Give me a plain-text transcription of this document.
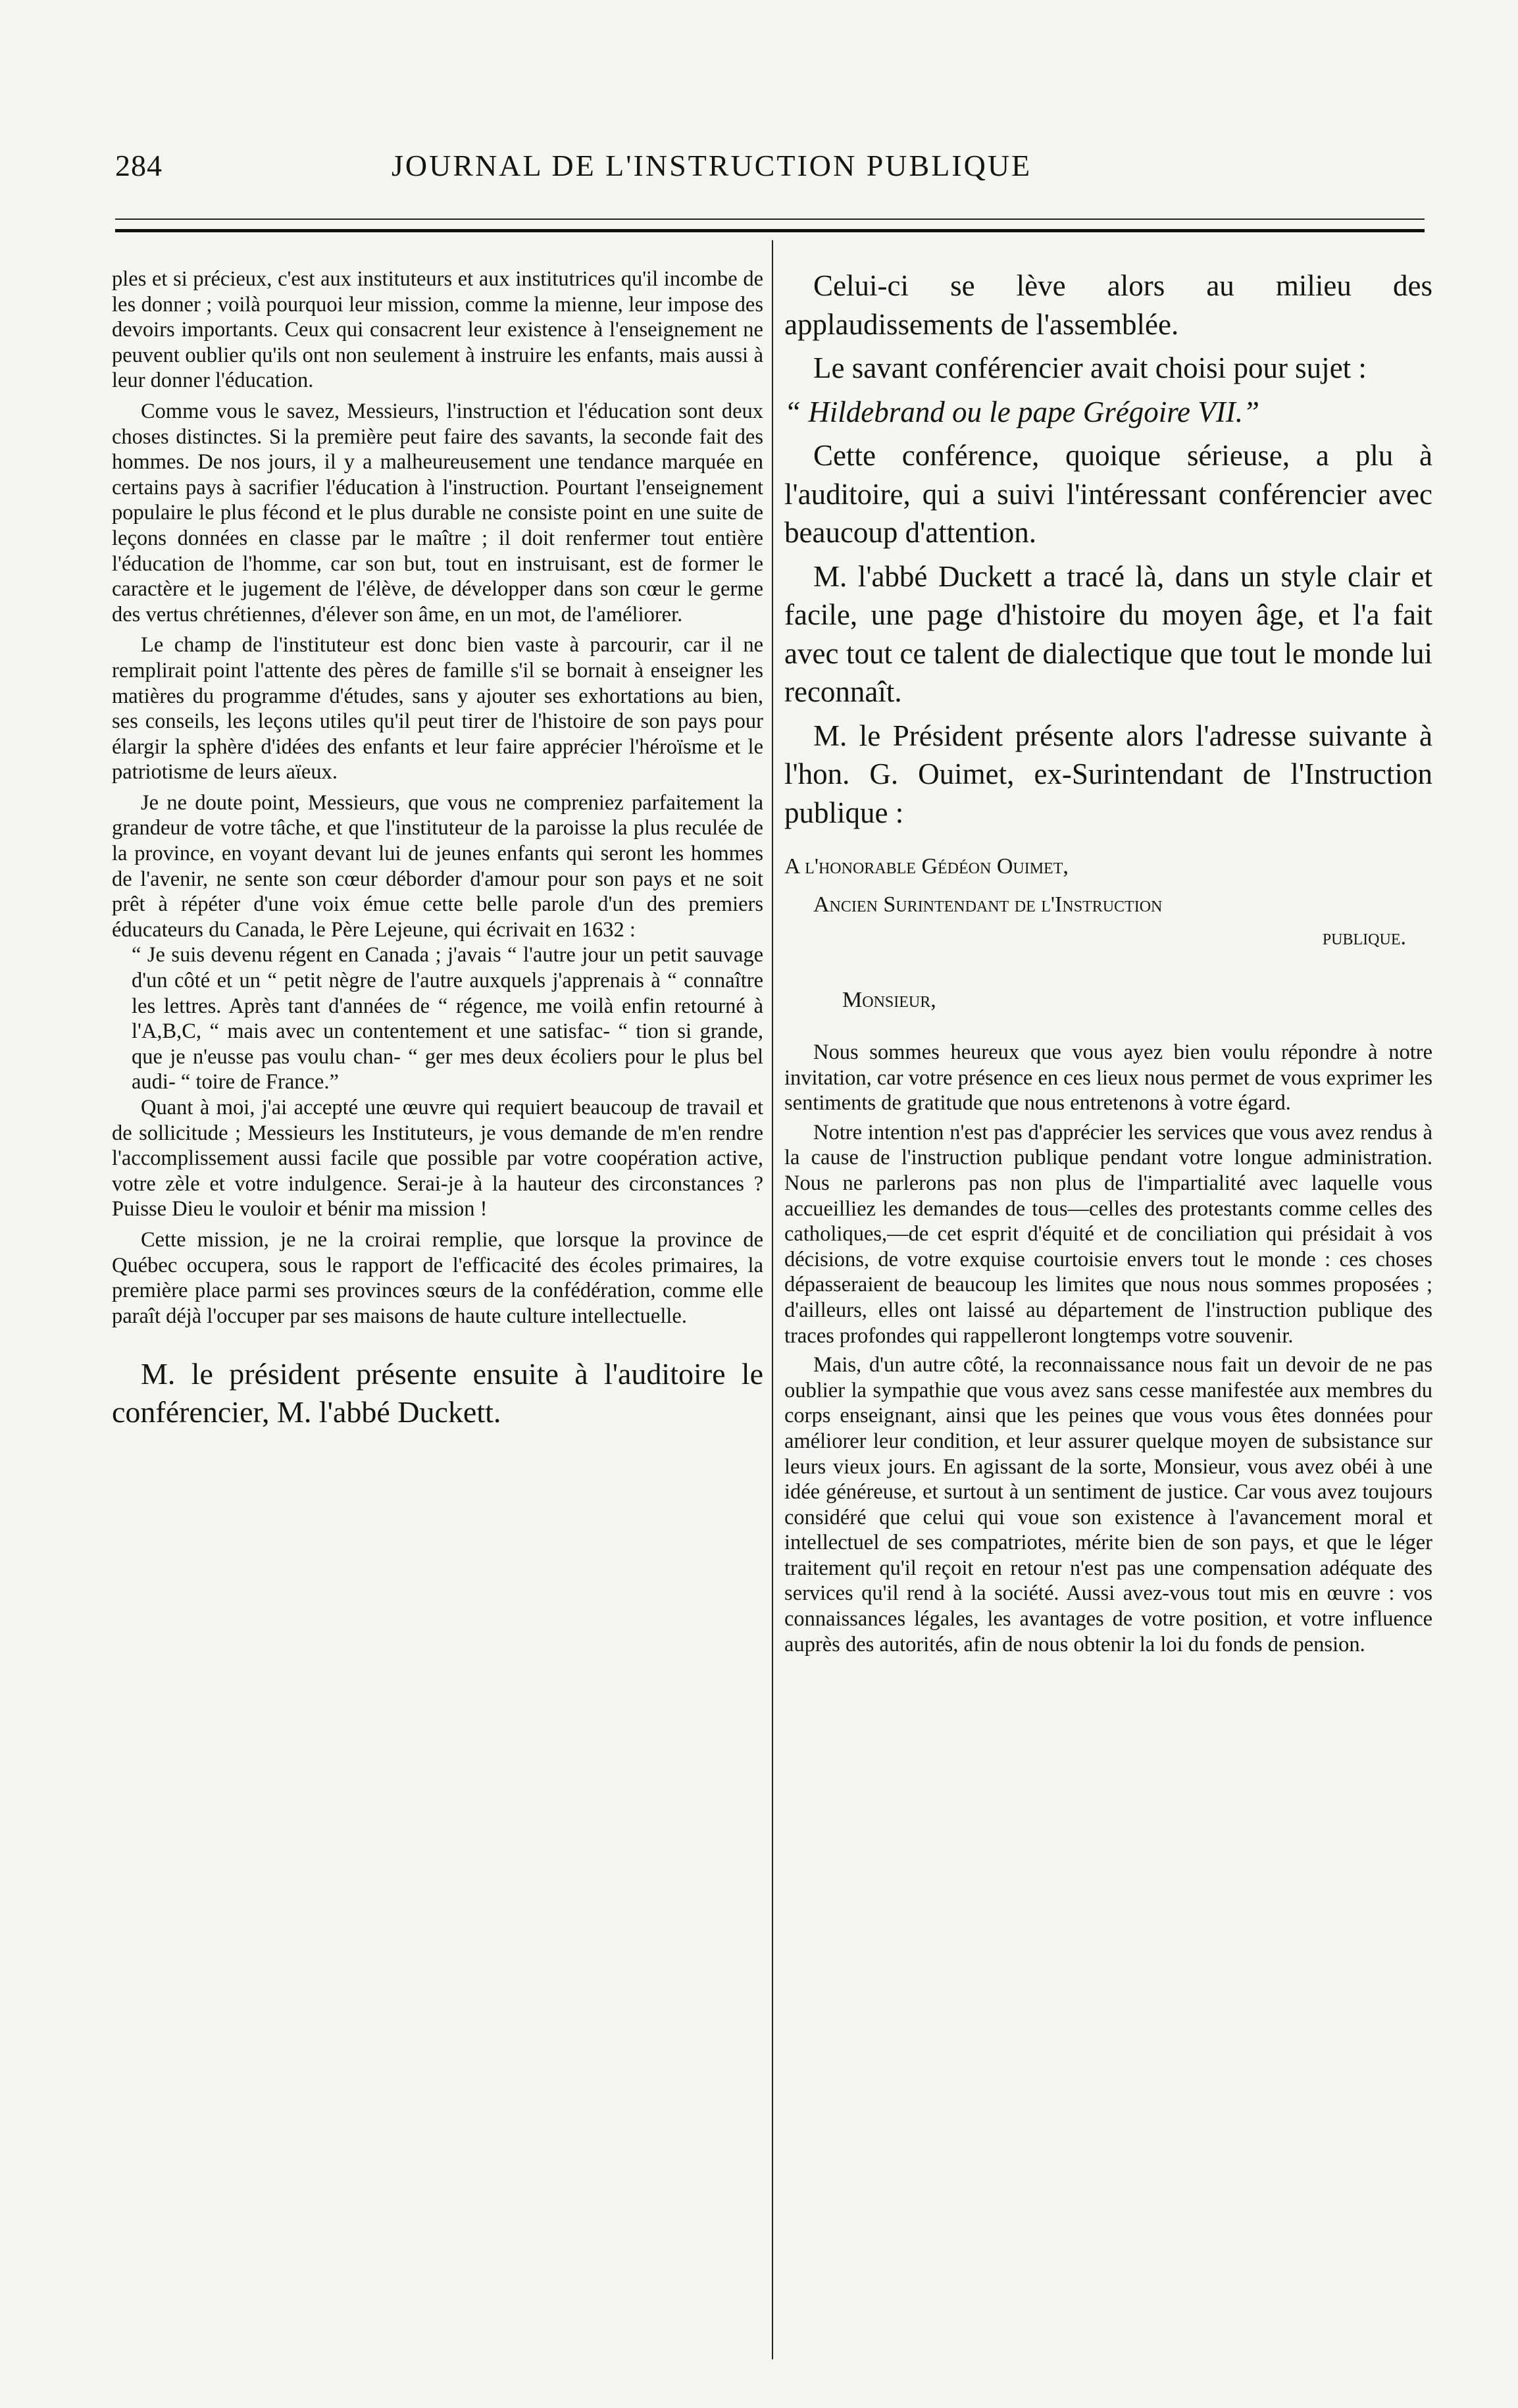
284	JOURNAL DE L'INSTRUCTION PUBLIQUE

ples et si précieux, c'est aux instituteurs et aux institutrices qu'il incombe de les donner ; voilà pourquoi leur mission, comme la mienne, leur impose des devoirs importants. Ceux qui consacrent leur existence à l'enseignement ne peuvent oublier qu'ils ont non seulement à instruire les enfants, mais aussi à leur donner l'éducation.

Comme vous le savez, Messieurs, l'instruction et l'éducation sont deux choses distinctes. Si la première peut faire des savants, la seconde fait des hommes. De nos jours, il y a malheureusement une tendance marquée en certains pays à sacrifier l'éducation à l'instruction. Pourtant l'enseignement populaire le plus fécond et le plus durable ne consiste point en une suite de leçons données en classe par le maître ; il doit renfermer tout entière l'éducation de l'homme, car son but, tout en instruisant, est de former le caractère et le jugement de l'élève, de développer dans son cœur le germe des vertus chrétiennes, d'élever son âme, en un mot, de l'améliorer.

Le champ de l'instituteur est donc bien vaste à parcourir, car il ne remplirait point l'attente des pères de famille s'il se bornait à enseigner les matières du programme d'études, sans y ajouter ses exhortations au bien, ses conseils, les leçons utiles qu'il peut tirer de l'histoire de son pays pour élargir la sphère d'idées des enfants et leur faire apprécier l'héroïsme et le patriotisme de leurs aïeux.

Je ne doute point, Messieurs, que vous ne compreniez parfaitement la grandeur de votre tâche, et que l'instituteur de la paroisse la plus reculée de la province, en voyant devant lui de jeunes enfants qui seront les hommes de l'avenir, ne sente son cœur déborder d'amour pour son pays et ne soit prêt à répéter d'une voix émue cette belle parole d'un des premiers éducateurs du Canada, le Père Lejeune, qui écrivait en 1632 :

“ Je suis devenu régent en Canada ; j'avais “ l'autre jour un petit sauvage d'un côté et un “ petit nègre de l'autre auxquels j'apprenais à “ connaître les lettres. Après tant d'années de “ régence, me voilà enfin retourné à l'A,B,C, “ mais avec un contentement et une satisfac- “ tion si grande, que je n'eusse pas voulu chan- “ ger mes deux écoliers pour le plus bel audi- “ toire de France.”

Quant à moi, j'ai accepté une œuvre qui requiert beaucoup de travail et de sollicitude ; Messieurs les Instituteurs, je vous demande de m'en rendre l'accomplissement aussi facile que possible par votre coopération active, votre zèle et votre indulgence. Serai-je à la hauteur des circonstances ? Puisse Dieu le vouloir et bénir ma mission !

Cette mission, je ne la croirai remplie, que lorsque la province de Québec occupera, sous le rapport de l'efficacité des écoles primaires, la première place parmi ses provinces sœurs de la confédération, comme elle paraît déjà l'occuper par ses maisons de haute culture intellectuelle.

M. le président présente ensuite à l'auditoire le conférencier, M. l'abbé Duckett.

Celui-ci se lève alors au milieu des applaudissements de l'assemblée.

Le savant conférencier avait choisi pour sujet :

“ Hildebrand ou le pape Grégoire VII.”

Cette conférence, quoique sérieuse, a plu à l'auditoire, qui a suivi l'intéressant conférencier avec beaucoup d'attention.

M. l'abbé Duckett a tracé là, dans un style clair et facile, une page d'histoire du moyen âge, et l'a fait avec tout ce talent de dialectique que tout le monde lui reconnaît.

M. le Président présente alors l'adresse suivante à l'hon. G. Ouimet, ex-Surintendant de l'Instruction publique :

A l'honorable Gédéon Ouimet,
Ancien Surintendant de l'Instruction
publique.
Monsieur,

Nous sommes heureux que vous ayez bien voulu répondre à notre invitation, car votre présence en ces lieux nous permet de vous exprimer les sentiments de gratitude que nous entretenons à votre égard.

Notre intention n'est pas d'apprécier les services que vous avez rendus à la cause de l'instruction publique pendant votre longue administration. Nous ne parlerons pas non plus de l'impartialité avec laquelle vous accueilliez les demandes de tous—celles des protestants comme celles des catholiques,—de cet esprit d'équité et de conciliation qui présidait à vos décisions, de votre exquise courtoisie envers tout le monde : ces choses dépasseraient de beaucoup les limites que nous nous sommes proposées ; d'ailleurs, elles ont laissé au département de l'instruction publique des traces profondes qui rappelleront longtemps votre souvenir.

Mais, d'un autre côté, la reconnaissance nous fait un devoir de ne pas oublier la sympathie que vous avez sans cesse manifestée aux membres du corps enseignant, ainsi que les peines que vous vous êtes données pour améliorer leur condition, et leur assurer quelque moyen de subsistance sur leurs vieux jours. En agissant de la sorte, Monsieur, vous avez obéi à une idée généreuse, et surtout à un sentiment de justice. Car vous avez toujours considéré que celui qui voue son existence à l'avancement moral et intellectuel de ses compatriotes, mérite bien de son pays, et que le léger traitement qu'il reçoit en retour n'est pas une compensation adéquate des services qu'il rend à la société. Aussi avez-vous tout mis en œuvre : vos connaissances légales, les avantages de votre position, et votre influence auprès des autorités, afin de nous obtenir la loi du fonds de pension.
